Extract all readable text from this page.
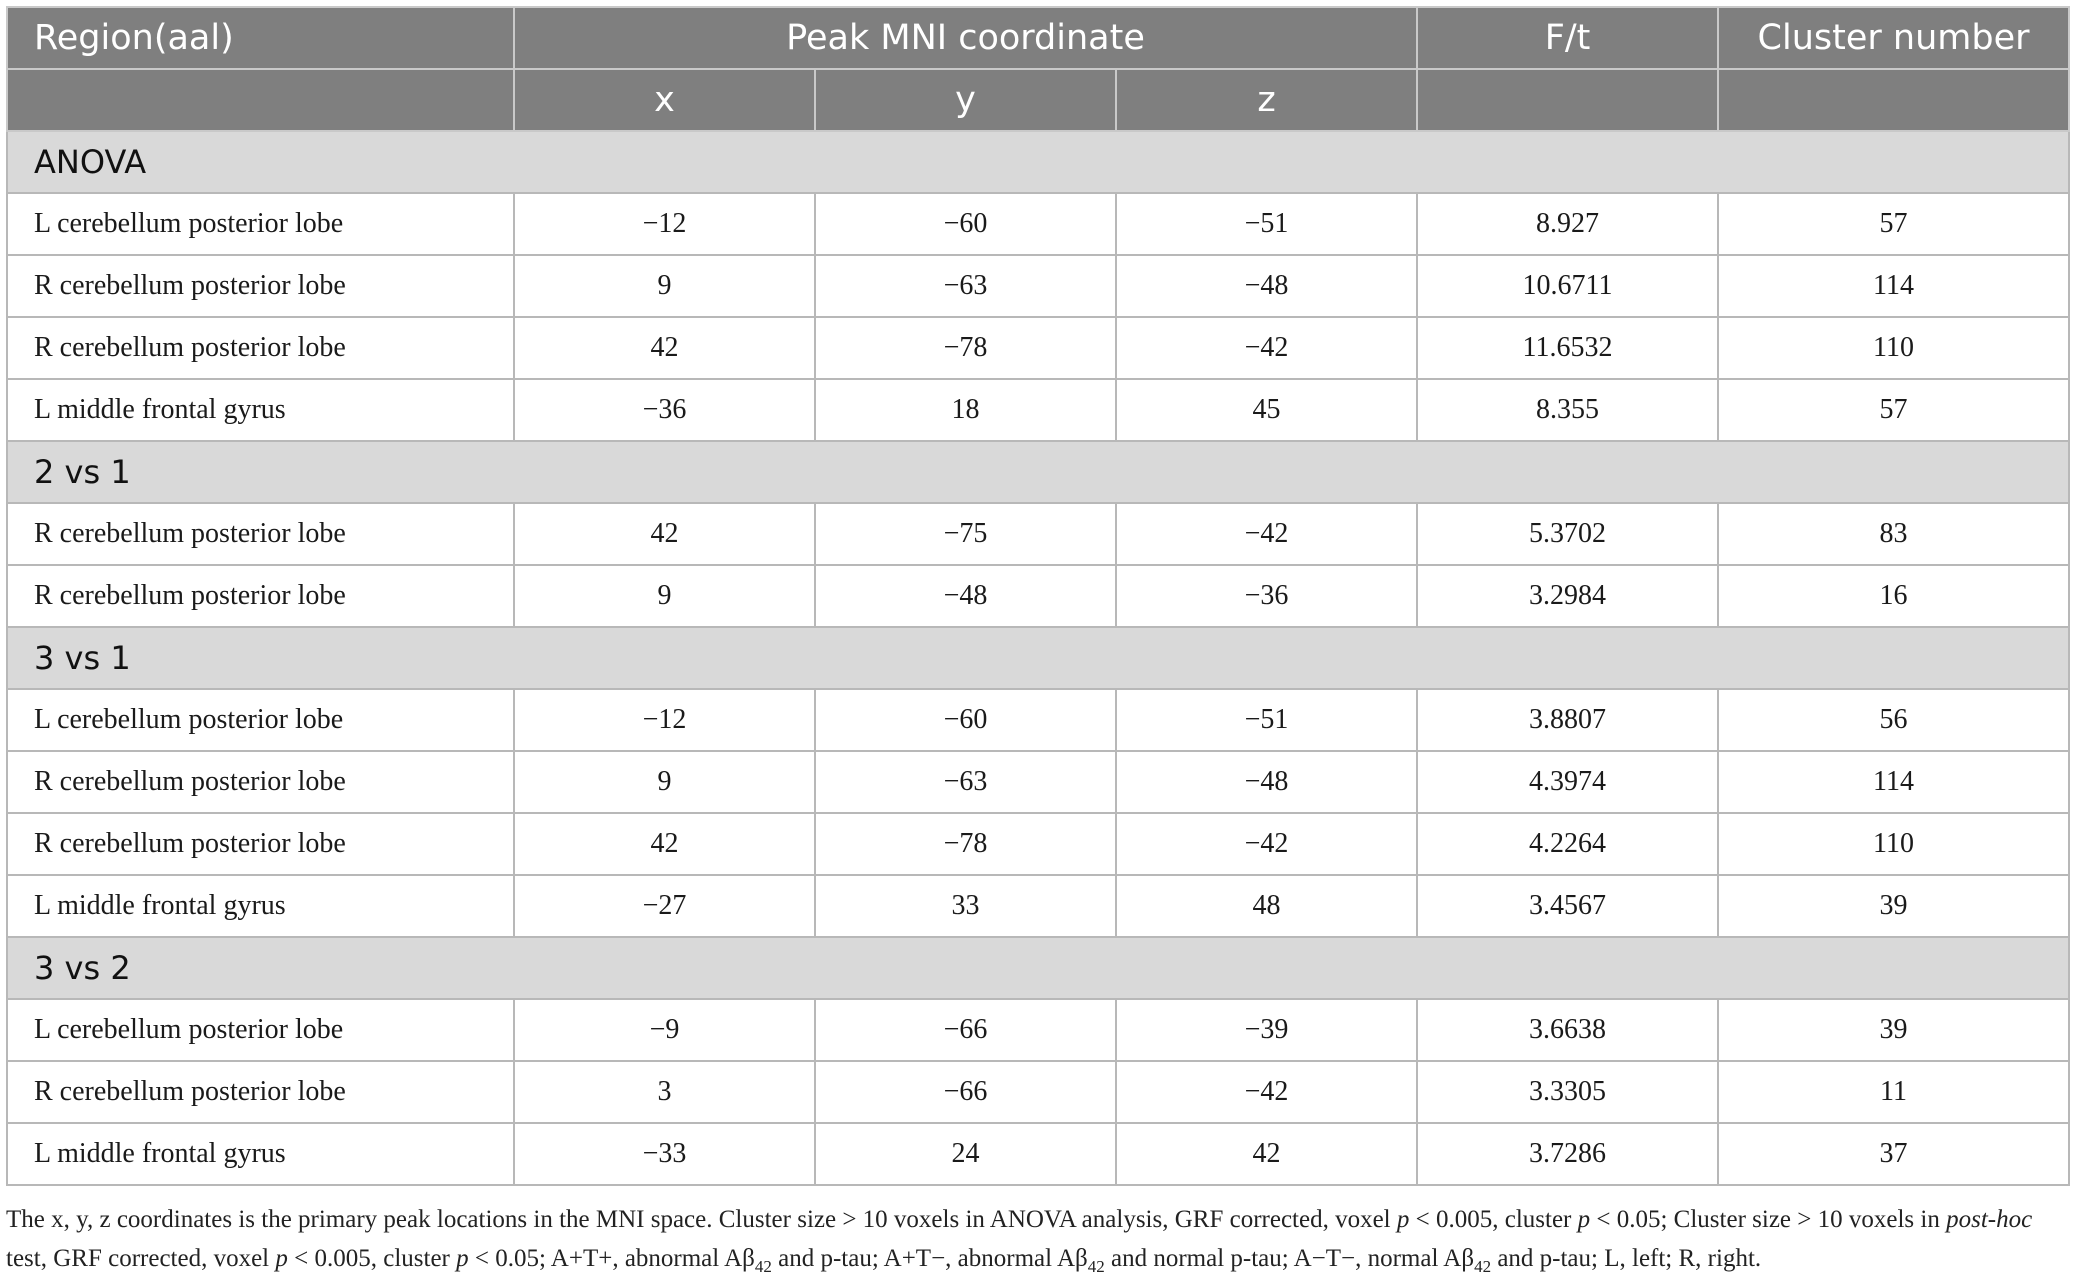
Region(aal)	Peak MNI coordinate			F/t	Cluster number
	x	y	z		
ANOVA					
L cerebellum posterior lobe	−12	−60	−51	8.927	57
R cerebellum posterior lobe	9	−63	−48	10.6711	114
R cerebellum posterior lobe	42	−78	−42	11.6532	110
L middle frontal gyrus	−36	18	45	8.355	57
2 vs 1					
R cerebellum posterior lobe	42	−75	−42	5.3702	83
R cerebellum posterior lobe	9	−48	−36	3.2984	16
3 vs 1					
L cerebellum posterior lobe	−12	−60	−51	3.8807	56
R cerebellum posterior lobe	9	−63	−48	4.3974	114
R cerebellum posterior lobe	42	−78	−42	4.2264	110
L middle frontal gyrus	−27	33	48	3.4567	39
3 vs 2					
L cerebellum posterior lobe	−9	−66	−39	3.6638	39
R cerebellum posterior lobe	3	−66	−42	3.3305	11
L middle frontal gyrus	−33	24	42	3.7286	37
The x, y, z coordinates is the primary peak locations in the MNI space. Cluster size > 10 voxels in ANOVA analysis, GRF corrected, voxel p < 0.005, cluster p < 0.05; Cluster size > 10 voxels in post-hoc test, GRF corrected, voxel p < 0.005, cluster p < 0.05; A+T+, abnormal $A\beta_{42}$ and p-tau; A+T−, abnormal $A\beta_{42}$ and normal p-tau; A−T−, normal $A\beta_{42}$ and p-tau; L, left; R, right.
